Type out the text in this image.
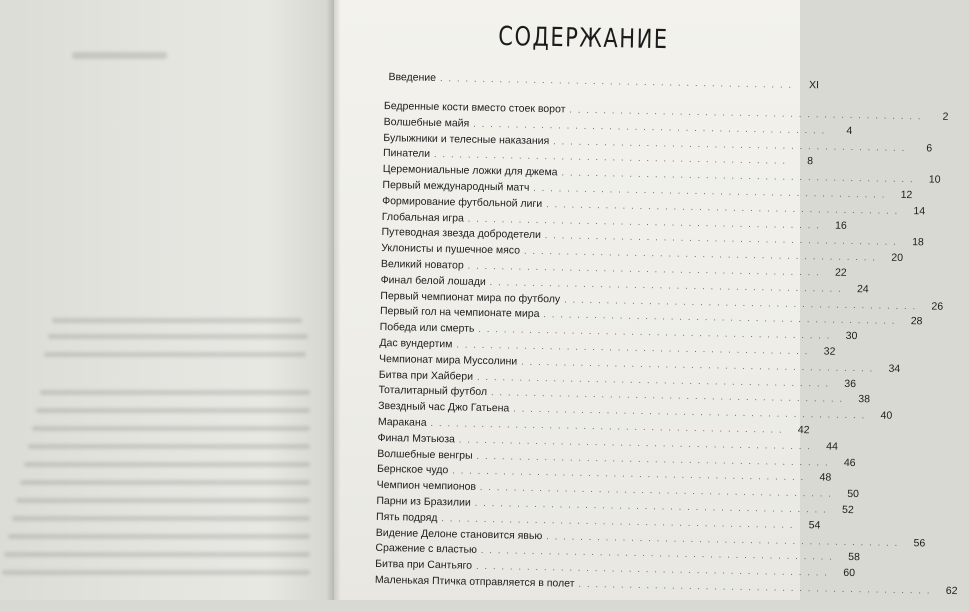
СОДЕРЖАНИЕ
Введение ..........................................	XI
Бедренные кости вместо стоек ворот ..........................................	2
Волшебные майя ..........................................	4
Булыжники и телесные наказания ..........................................	6
Пинатели ..........................................	8
Церемониальные ложки для джема .......................................... 10
Первый международный матч .......................................... 12
Формирование футбольной лиги .......................................... 14
Глобальная игра .......................................... 16
Путеводная звезда добродетели .......................................... 18
Уклонисты и пушечное мясо .......................................... 20
Великий новатор .......................................... 22
Финал белой лошади .......................................... 24
Первый чемпионат мира по футболу .......................................... 26
Первый гол на чемпионате мира .......................................... 28
Победа или смерть .......................................... 30
Дас вундертим .......................................... 32
Чемпионат мира Муссолини .......................................... 34
Битва при Хайбери .......................................... 36
Тоталитарный футбол .......................................... 38
Звездный час Джо Гатьена .......................................... 40
Маракана .......................................... 42
Финал Мэтьюза .......................................... 44
Волшебные венгры .......................................... 46
Бернское чудо .......................................... 48
Чемпион чемпионов .......................................... 50
Парни из Бразилии .......................................... 52
Пять подряд .......................................... 54
Видение Делоне становится явью .......................................... 56
Сражение с властью .......................................... 58
Битва при Сантьяго .......................................... 60
Маленькая Птичка отправляется в полет .......................................... 62
